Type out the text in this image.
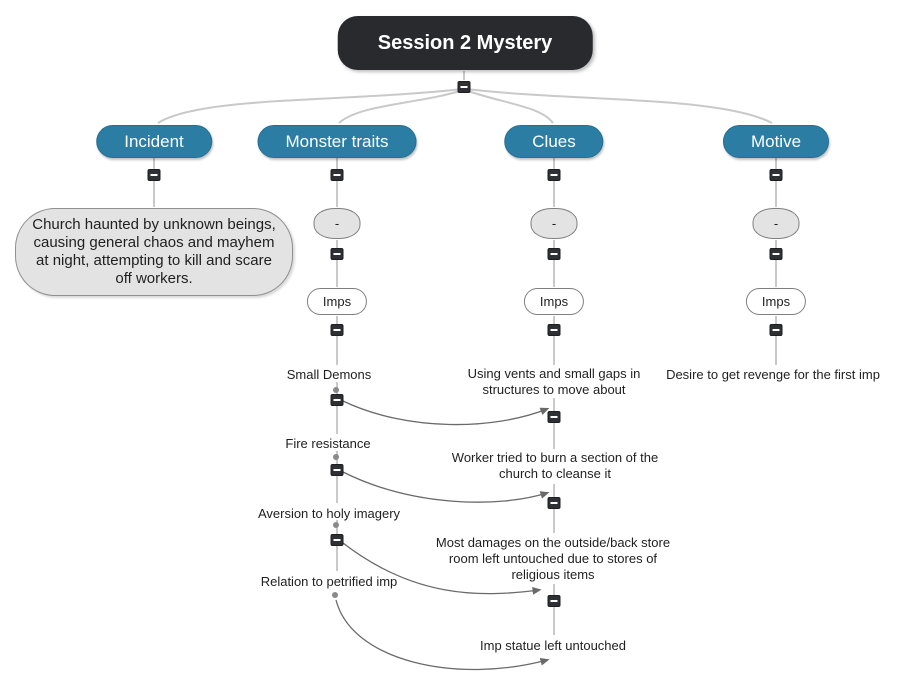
Session 2 Mystery
Incident	Monster traits	Clues	Motive
Church haunted by unknown beings, causing general chaos and mayhem at night, attempting to kill and scare off workers.
-	-	-
Imps	Imps	Imps
Small Demons
Fire resistance
Aversion to holy imagery
Relation to petrified imp
Using vents and small gaps in structures to move about
Worker tried to burn a section of the church to cleanse it
Most damages on the outside/back store room left untouched due to stores of religious items
Imp statue left untouched
Desire to get revenge for the first imp
